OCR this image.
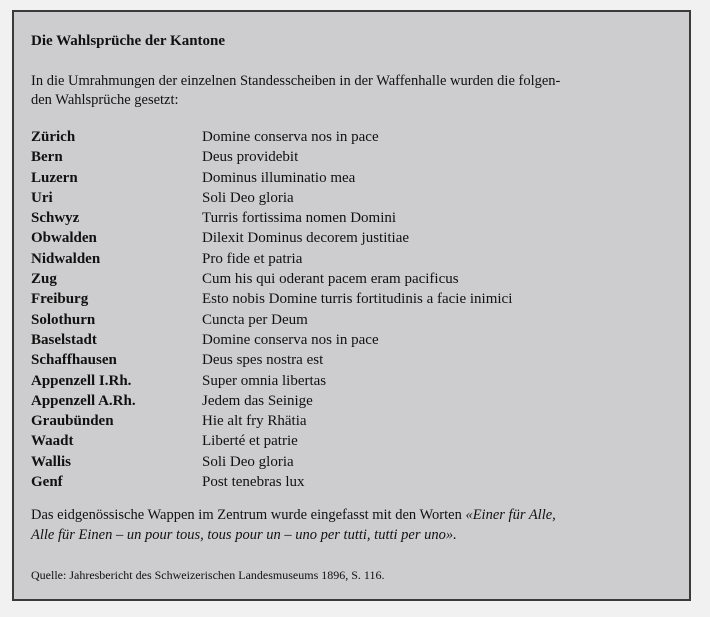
Die Wahlsprüche der Kantone

In die Umrahmungen der einzelnen Standesscheiben in der Waffenhalle wurden die folgen-
den Wahlsprüche gesetzt:

Zürich	Domine conserva nos in pace
Bern	Deus providebit
Luzern	Dominus illuminatio mea
Uri	Soli Deo gloria
Schwyz	Turris fortissima nomen Domini
Obwalden	Dilexit Dominus decorem justitiae
Nidwalden	Pro fide et patria
Zug	Cum his qui oderant pacem eram pacificus
Freiburg	Esto nobis Domine turris fortitudinis a facie inimici
Solothurn	Cuncta per Deum
Baselstadt	Domine conserva nos in pace
Schaffhausen	Deus spes nostra est
Appenzell I.Rh.	Super omnia libertas
Appenzell A.Rh.	Jedem das Seinige
Graubünden	Hie alt fry Rhätia
Waadt	Liberté et patrie
Wallis	Soli Deo gloria
Genf	Post tenebras lux

Das eidgenössische Wappen im Zentrum wurde eingefasst mit den Worten «Einer für Alle,
Alle für Einen – un pour tous, tous pour un – uno per tutti, tutti per uno».

Quelle: Jahresbericht des Schweizerischen Landesmuseums 1896, S. 116.
